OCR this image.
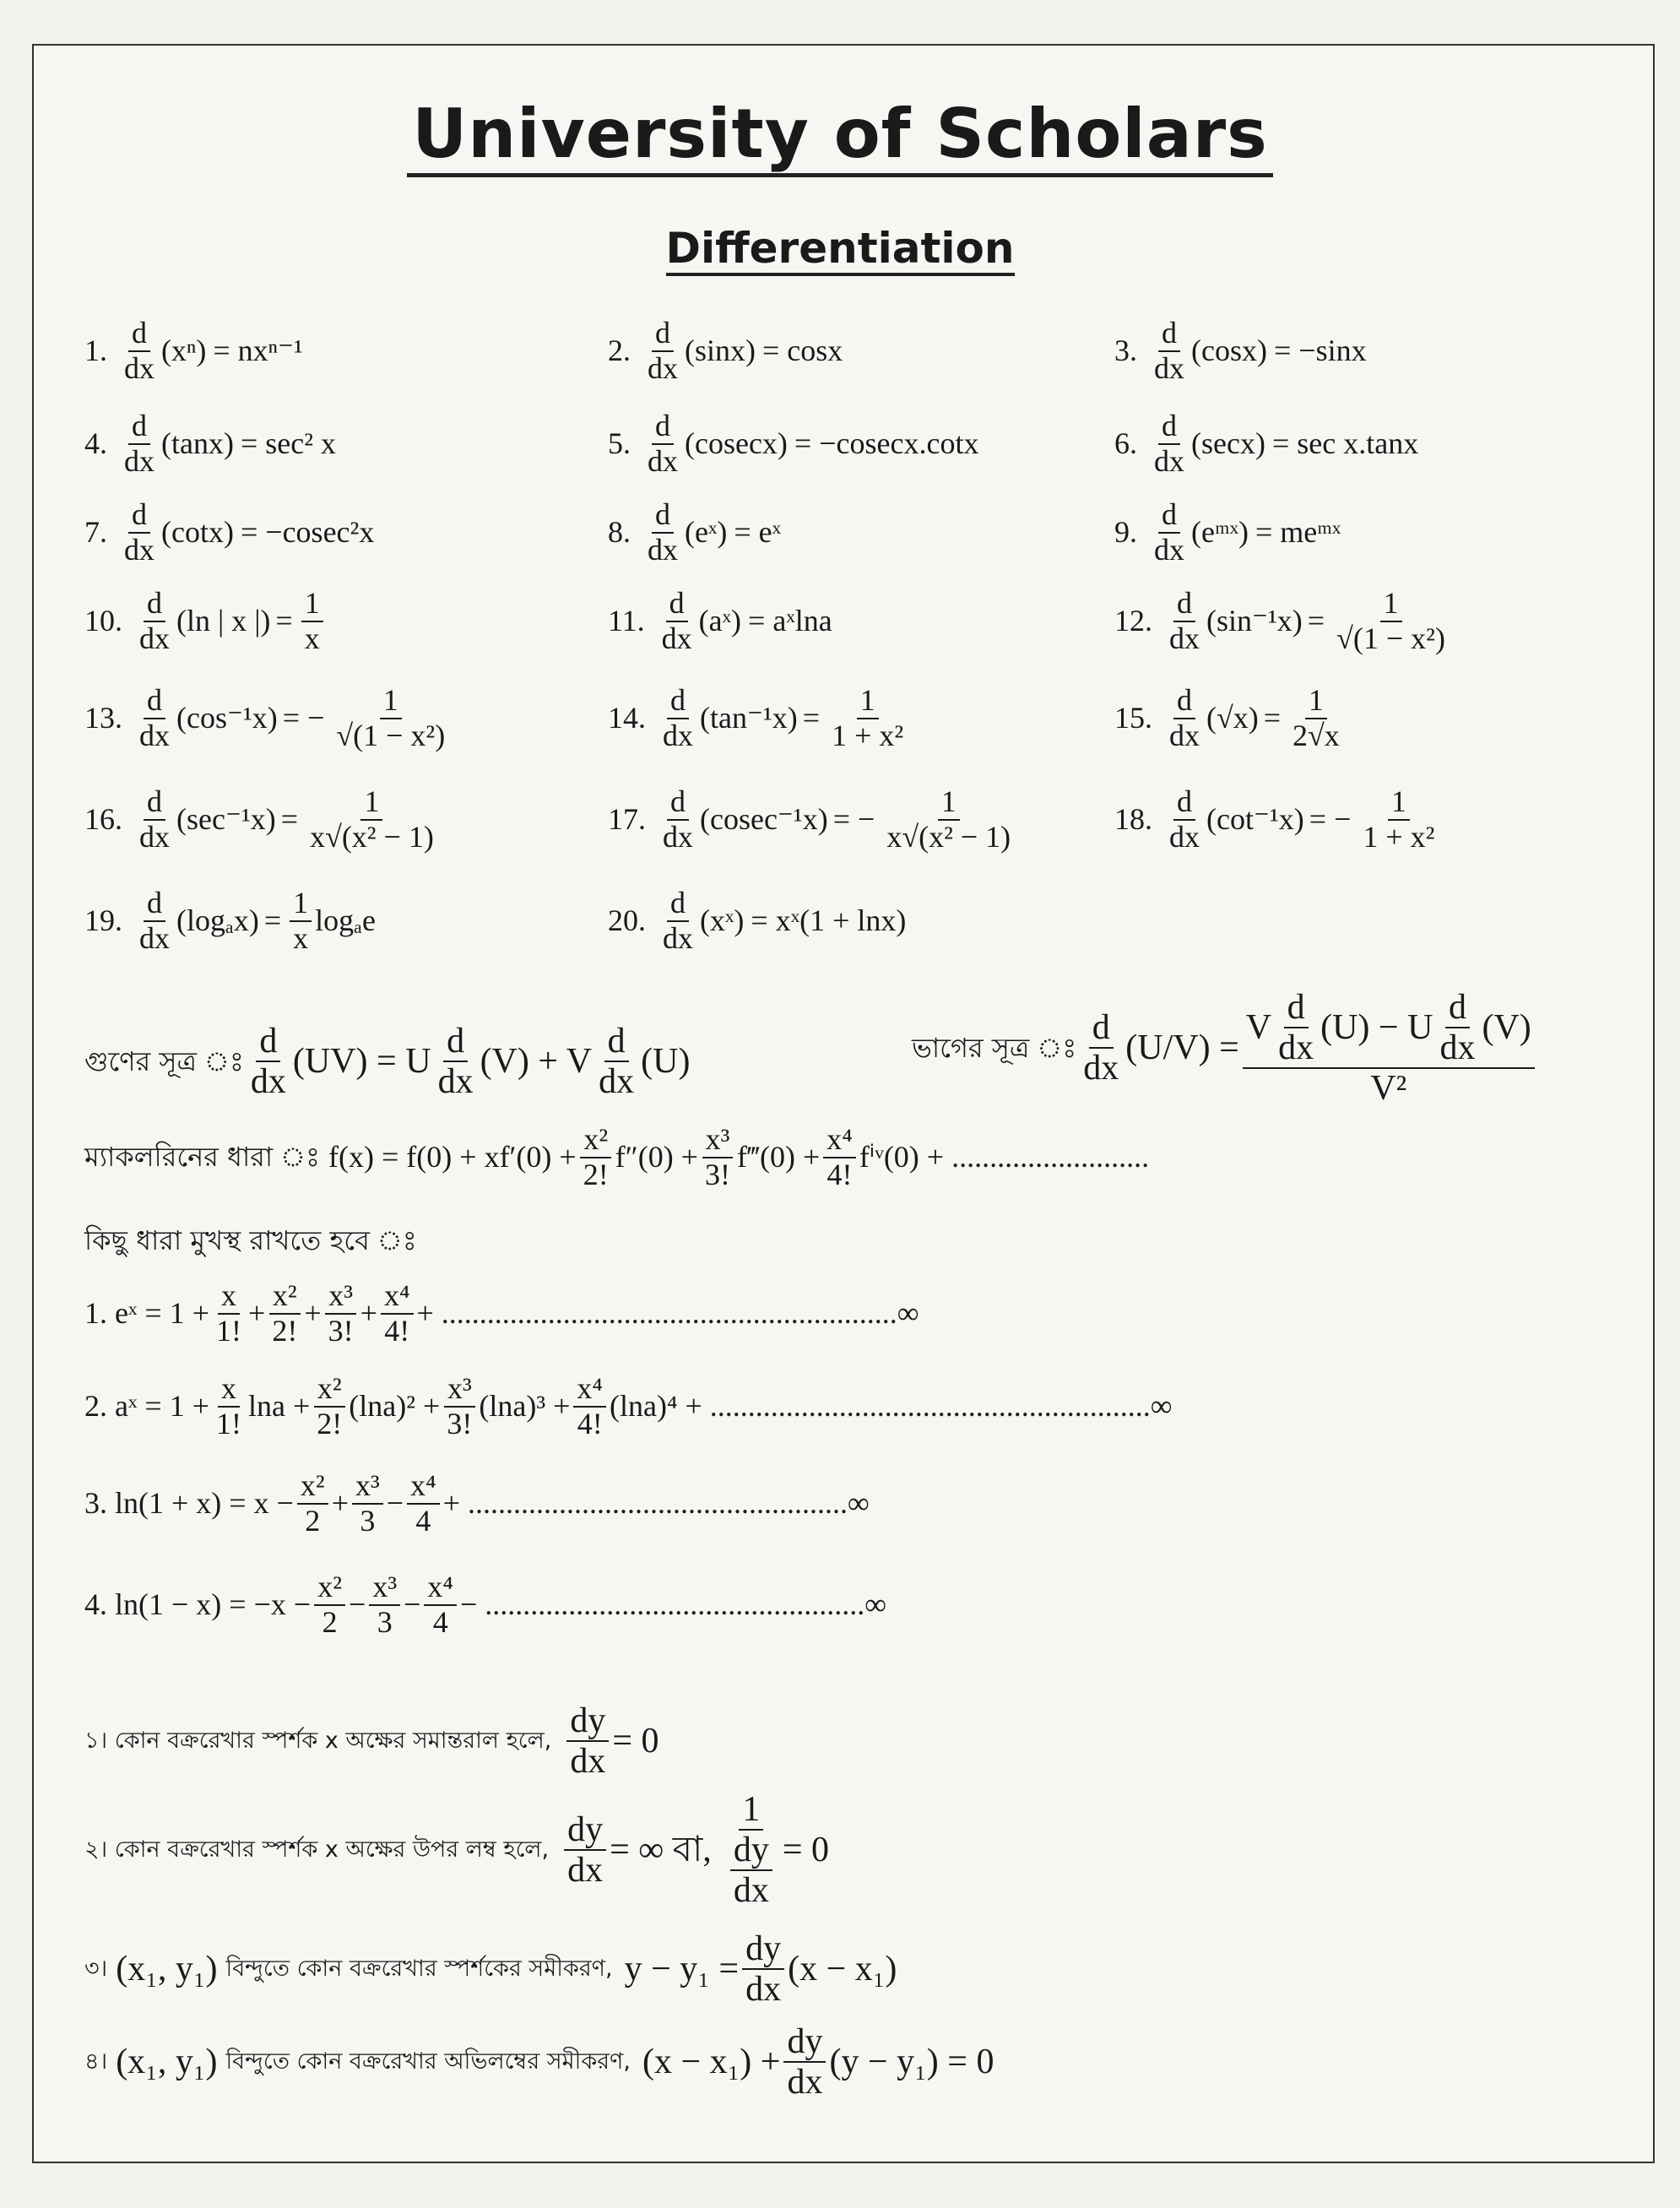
University of Scholars
Differentiation
1. $\frac{d}{dx} (x^n) = nx^{n-1}$	2. $\frac{d}{dx} (\sin x) = \cos x$	3. $\frac{d}{dx} (\cos x) = -\sin x$
4. $\frac{d}{dx} (\tan x) = \sec^2$ x	5. $\frac{d}{dx} (cosecx) = -cosecx.\cot x$	6. $\frac{d}{dx} (\sec x) = \sec x.\tan x$
7. $\frac{d}{dx} (\cot x) = -cosec^2x$	8. $\frac{d}{dx}$ (eˣ) = eˣ	9. $\frac{d}{dx}$ (eᵐˣ) = meᵐˣ
10. $\frac{d}{dx} (\ln$ | x |) = $\frac{1}{x}$	11. $\frac{d}{dx}$ (aˣ) = aˣlna	12. $\frac{d}{dx} (\sin^{-1}x) = \frac{1}{\text{√(1 − x²)}}$
13. $\frac{d}{dx} (\cos^{-1}x)$ = − $\frac{1}{\text{√(1 − x²)}}$	14. $\frac{d}{dx} (\tan^{-1}x) = \frac{1}{\text{1 + x²}}$	15. $\frac{d}{dx} (√x) = \frac{1}{2√x}$
16. $\frac{d}{dx} (\sec^{-1}x) = \frac{1}{\text{x√(x² − 1)}}$	17. $\frac{d}{dx} (cosec^{-1}x)$ = − $\frac{1}{\text{x√(x² − 1)}}$	18. $\frac{d}{dx} (\cot^{-1}x)$ = − $\frac{1}{\text{1 + x²}}$
19. $\frac{d}{dx} (\log_ax) = \frac{1}{x}$ logₐe	20. $\frac{d}{dx}$ (xˣ) = xˣ(1 + lnx)
গুণের সূত্র ঃ $\frac{d}{dx} (UV) = U \frac{d}{dx} (V) + V \frac{d}{dx} (U)$	ভাগের সূত্র ঃ $\frac{d}{dx} (U/V) = \frac{V \frac{d}{dx} (U) - U \frac{d}{dx} (V)}{\text{V²}}$
ম্যাকলরিনের ধারা ঃ $f(x) = f(0) + xf'(0) + \frac{\text{x²}}{2!} f''(0) + \frac{\text{x³}}{3!}$ f‴(0) + $\frac{\text{x⁴}}{4!}$ fⁱᵛ(0) + ..........................
কিছু ধারা মুখস্থ রাখতে হবে ঃ
1. eˣ = $1 + \frac{x}{1!} + \frac{\text{x²}}{2!} + \frac{\text{x³}}{3!} + \frac{\text{x⁴}}{4!}$ + ............................................................∞
2. aˣ = $1 + \frac{x}{1!}$ $\ln a + \frac{\text{x²}}{2!} (\ln a)^2 + \frac{\text{x³}}{3!} (\ln a)^3 + \frac{\text{x⁴}}{4!} (\ln a)^4$ + ..........................................................∞
3. $\ln(1 + x) = x - \frac{\text{x²}}{2} + \frac{\text{x³}}{3} - \frac{\text{x⁴}}{4}$ + ..................................................∞
4. $\ln(1 - x) = -x - \frac{\text{x²}}{2} - \frac{\text{x³}}{3} - \frac{\text{x⁴}}{4}$ − ..................................................∞
১। কোন বক্ররেখার স্পর্শক x অক্ষের সমান্তরাল হলে, $\frac{dy}{dx} = 0$
২। কোন বক্ররেখার স্পর্শক x অক্ষের উপর লম্ব হলে, $\frac{dy}{dx}$ = ∞ বা, $\frac{1}{\frac{dy}{dx}} = 0$
৩। (x₁, y₁) বিন্দুতে কোন বক্ররেখার স্পর্শকের সমীকরণ, $y - y_1 = \frac{dy}{dx} (x - x_1)$
৪। (x₁, y₁) বিন্দুতে কোন বক্ররেখার অভিলম্বের সমীকরণ, $(x - x_1) + \frac{dy}{dx} (y - y_1) = 0$
